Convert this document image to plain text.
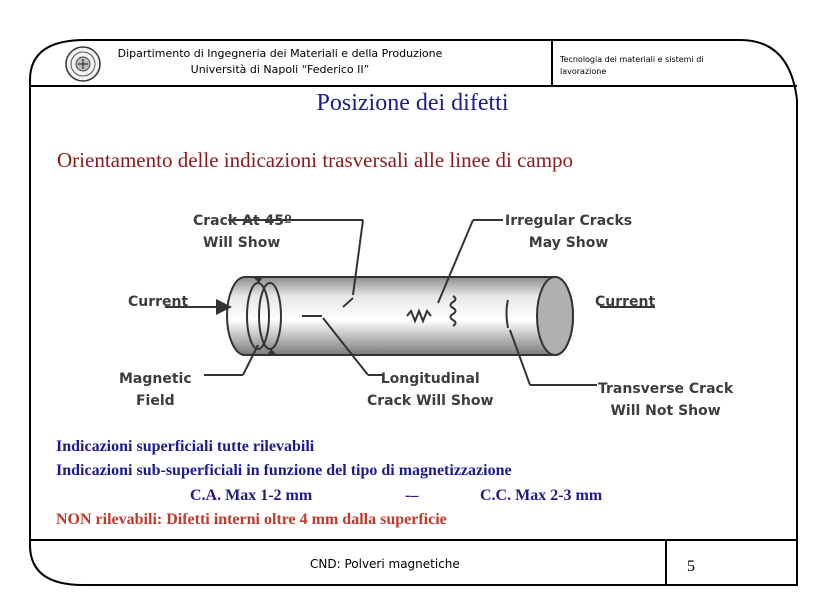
Dipartimento di Ingegneria dei Materiali e della Produzione
Università di Napoli “Federico II”
Tecnologia dei materiali e sistemi di
lavorazione
Posizione dei difetti

Orientamento delle indicazioni trasversali alle linee di campo

Crack At 45º
Will Show
Irregular Cracks
May Show
Current	Current
Magnetic
Field
Longitudinal
Crack Will Show
Transverse Crack
Will Not Show

Indicazioni superficiali tutte rilevabili

Indicazioni sub-superficiali in funzione del tipo di magnetizzazione

C.A. Max 1-2 mm	-–	C.C. Max 2-3 mm

NON rilevabili: Difetti interni oltre 4 mm dalla superficie

CND: Polveri magnetiche	5
